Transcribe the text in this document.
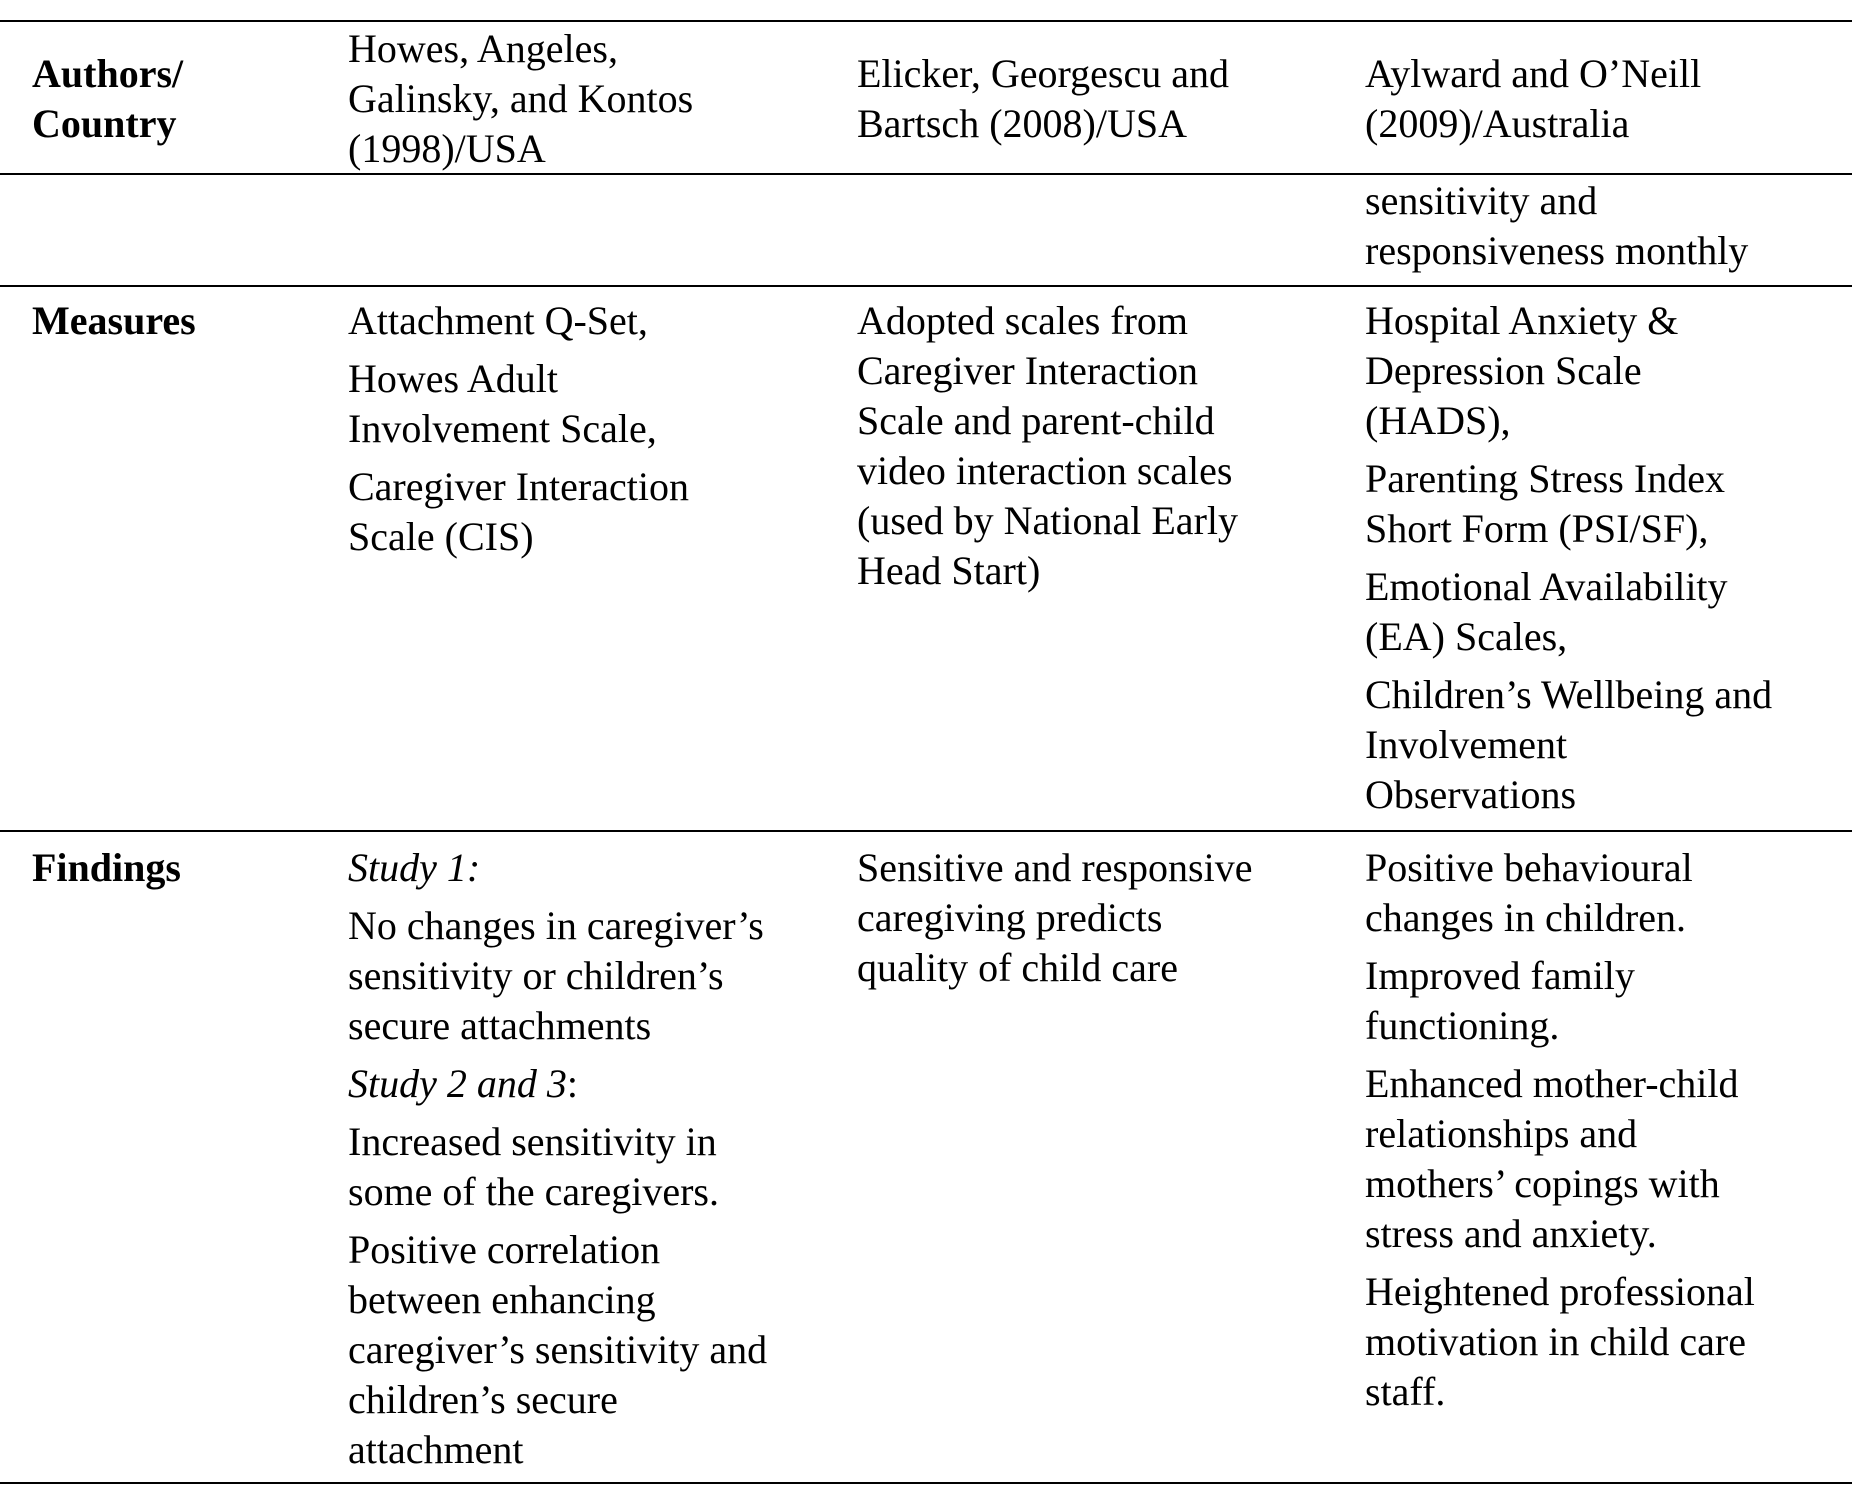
Authors/
Country
Howes, Angeles,
Galinsky, and Kontos
(1998)/USA
Elicker, Georgescu and
Bartsch (2008)/USA
Aylward and O’Neill
(2009)/Australia
sensitivity and
responsiveness monthly
Measures	Attachment Q-Set,
Howes Adult
Involvement Scale,
Caregiver Interaction
Scale (CIS)
Adopted scales from
Caregiver Interaction
Scale and parent-child
video interaction scales
(used by National Early
Head Start)
Hospital Anxiety &
Depression Scale
(HADS),
Parenting Stress Index
Short Form (PSI/SF),
Emotional Availability
(EA) Scales,
Children’s Wellbeing and
Involvement
Observations
Findings	Study 1:
No changes in caregiver’s
sensitivity or children’s
secure attachments
Study 2 and 3:
Increased sensitivity in
some of the caregivers.
Positive correlation
between enhancing
caregiver’s sensitivity and
children’s secure
attachment
Sensitive and responsive
caregiving predicts
quality of child care
Positive behavioural
changes in children.
Improved family
functioning.
Enhanced mother-child
relationships and
mothers’ copings with
stress and anxiety.
Heightened professional
motivation in child care
staff.
